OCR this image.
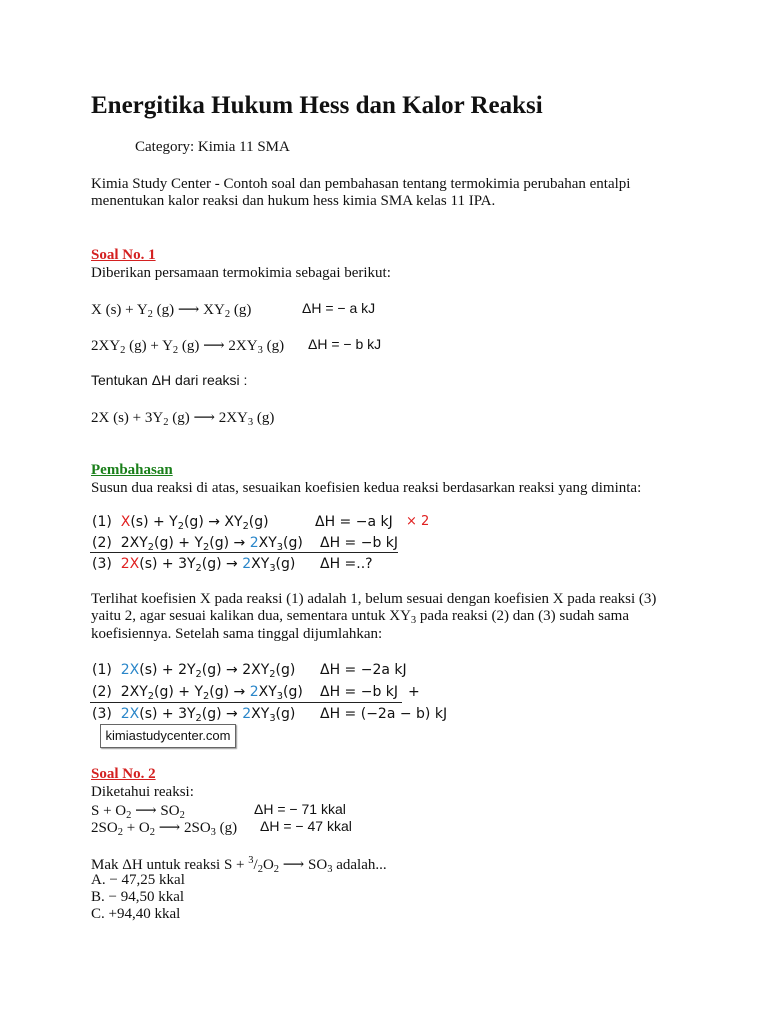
Energitika Hukum Hess dan Kalor Reaksi
Category: Kimia 11 SMA
Kimia Study Center - Contoh soal dan pembahasan tentang termokimia perubahan entalpi
menentukan kalor reaksi dan hukum hess kimia SMA kelas 11 IPA.
Soal No. 1
Diberikan persamaan termokimia sebagai berikut:
X $(s) + Y_2$ (g) ⟶ $XY_2$ (g)	ΔH = − a kJ
$2XY_2$ $(g) + Y_2$ (g) ⟶ $2XY_3$ (g) ΔH = − b kJ
Tentukan ΔH dari reaksi :
2X $(s) + 3Y_2$ (g) ⟶ $2XY_3$ (g)
Pembahasan
Susun dua reaksi di atas, sesuaikan koefisien kedua reaksi berdasarkan reaksi yang diminta:
(1)  $X(s) + Y_2(g) \to XY_2(g)$	ΔH = −a kJ × 2
(2)  $2XY_2(g) + Y_2(g) \to 2XY_3(g) \Delta H = -b$ kJ
(3)  $2X(s) + 3Y_2(g) \to 2XY_3(g)$ ΔH =..?
Terlihat koefisien X pada reaksi (1) adalah 1, belum sesuai dengan koefisien X pada reaksi (3)
yaitu 2, agar sesuai kalikan dua, sementara untuk $XY_3$ pada reaksi (2) dan (3) sudah sama
koefisiennya. Setelah sama tinggal dijumlahkan:
(1)  $2X(s) + 2Y_2(g) \to 2XY_2(g) \Delta H = -2a$ kJ
(2)  $2XY_2(g) + Y_2(g) \to 2XY_3(g) \Delta H = -b$ kJ +
(3)  $2X(s) + 3Y_2(g) \to 2XY_3(g) \Delta H = (-2a - b)$ kJ
kimiastudycenter.com
Soal No. 2
Diketahui reaksi:
$S + O_2$ ⟶ $SO_2$	ΔH = − 71 kkal
$2SO_2 + O_2$ ⟶ $2SO_3$ (g) ΔH = − 47 kkal
Mak ΔH untuk reaksi $S + ^3/_2O_2$ ⟶ $SO_3$ adalah...
A. − 47,25 kkal
B. − 94,50 kkal
C. +94,40 kkal
